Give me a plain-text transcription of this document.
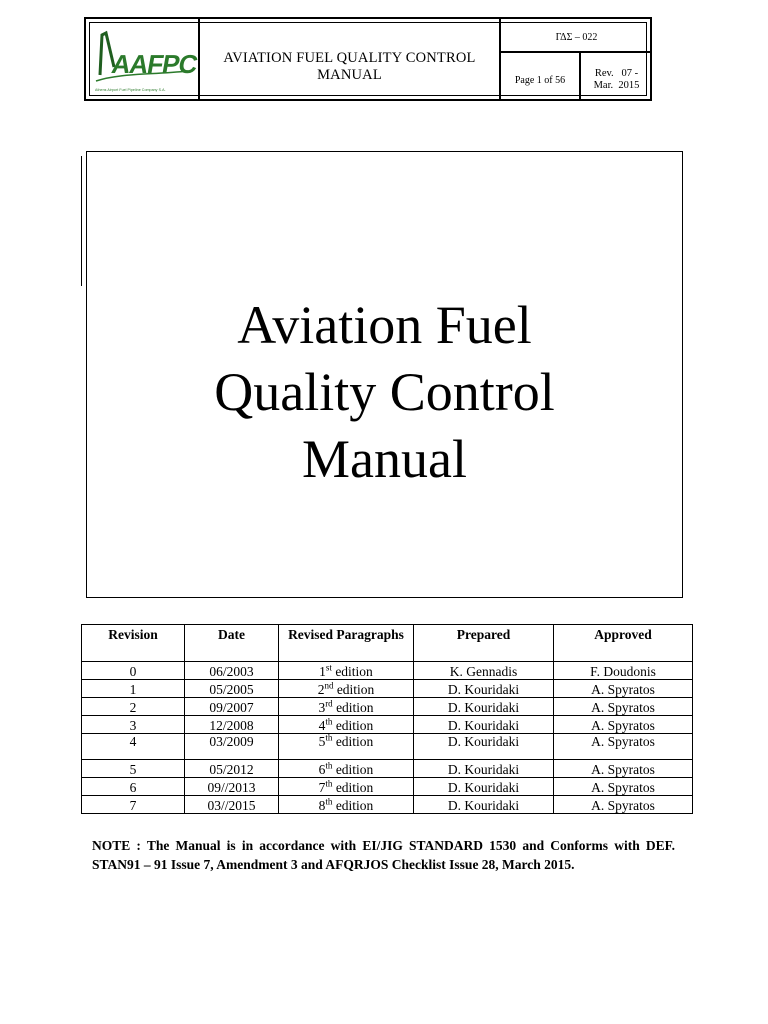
AAFPC
Athens Airport Fuel Pipeline Company S.A.
AVIATION FUEL QUALITY CONTROL MANUAL
ΓΔΣ – 022
Page 1 of 56
Rev.   07 -
Mar.  2015
Aviation Fuel
Quality Control
Manual
Revision	Date	Revised Paragraphs	Prepared	Approved
0	06/2003	1st edition	K. Gennadis	F. Doudonis
1	05/2005	2nd edition	D. Kouridaki	A. Spyratos
2	09/2007	3rd edition	D. Kouridaki	A. Spyratos
3	12/2008	4th edition	D. Kouridaki	A. Spyratos
4	03/2009	5th edition	D. Kouridaki	A. Spyratos
5	05/2012	6th edition	D. Kouridaki	A. Spyratos
6	09//2013	7th edition	D. Kouridaki	A. Spyratos
7	03//2015	8th edition	D. Kouridaki	A. Spyratos
NOTE : The Manual is in accordance with EI/JIG STANDARD 1530 and Conforms with DEF. STAN91 – 91 Issue 7, Amendment 3 and AFQRJOS Checklist Issue 28, March 2015.
